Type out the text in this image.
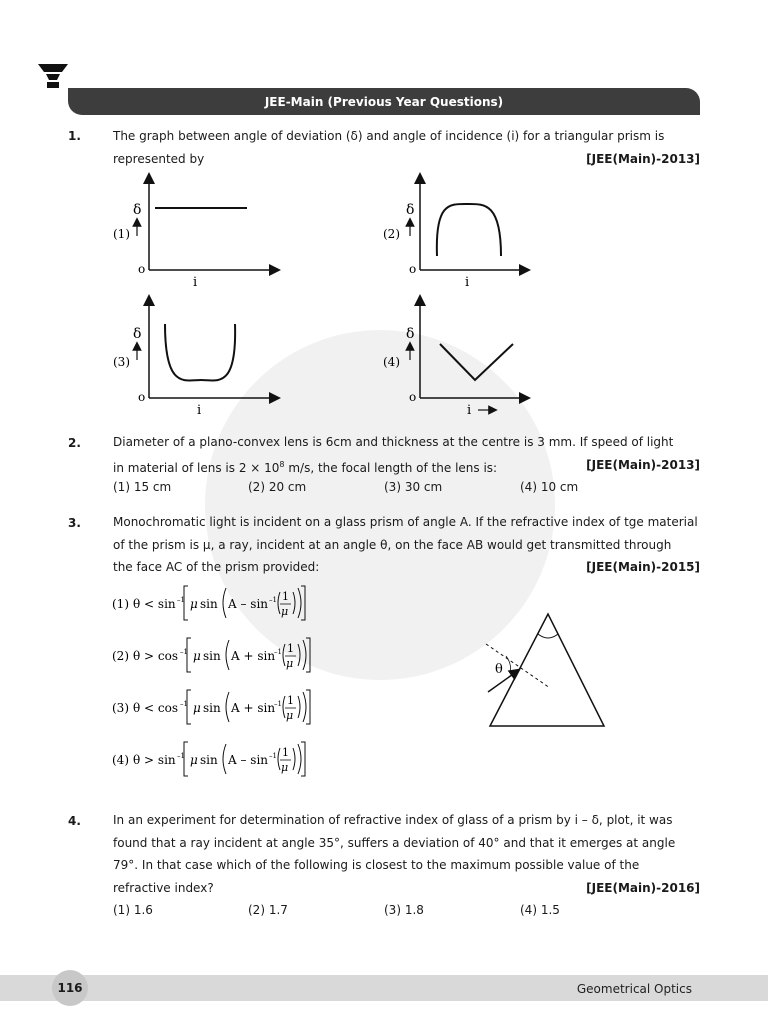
JEE-Main (Previous Year Questions)
1.	The graph between angle of deviation (δ) and angle of incidence (i) for a triangular prism is
represented by	[JEE(Main)-2013]
(1)
δ
o
i
(2)
δ
o
i
(3)
δ
o
i
(4)
δ
o
i
2.	Diameter of a plano-convex lens is 6cm and thickness at the centre is 3 mm. If speed of light
in material of lens is $2 \times 10^8$ m/s, the focal length of the lens is:	[JEE(Main)-2013]
(1) 15 cm	(2) 20 cm	(3) 30 cm	(4) 10 cm
3.	Monochromatic light is incident on a glass prism of angle A. If the refractive index of tge material
of the prism is μ, a ray, incident at an angle θ, on the face AB would get transmitted through
the face AC of the prism provided:	[JEE(Main)-2015]
(1) θ < sin –1 μ sin A – sin –1 1
μ
(2) θ > cos –1 μ sin A + sin
–1 1
μ
(3) θ < cos –1 μ sin A + sin
–1 1
μ
(4) θ > sin –1 μ sin A – sin –1 1
μ
θ
4.	In an experiment for determination of refractive index of glass of a prism by i – δ, plot, it was
found that a ray incident at angle 35°, suffers a deviation of 40° and that it emerges at angle
79°. In that case which of the following is closest to the maximum possible value of the
refractive index?	[JEE(Main)-2016]
(1) 1.6	(2) 1.7	(3) 1.8	(4) 1.5
116	Geometrical Optics
